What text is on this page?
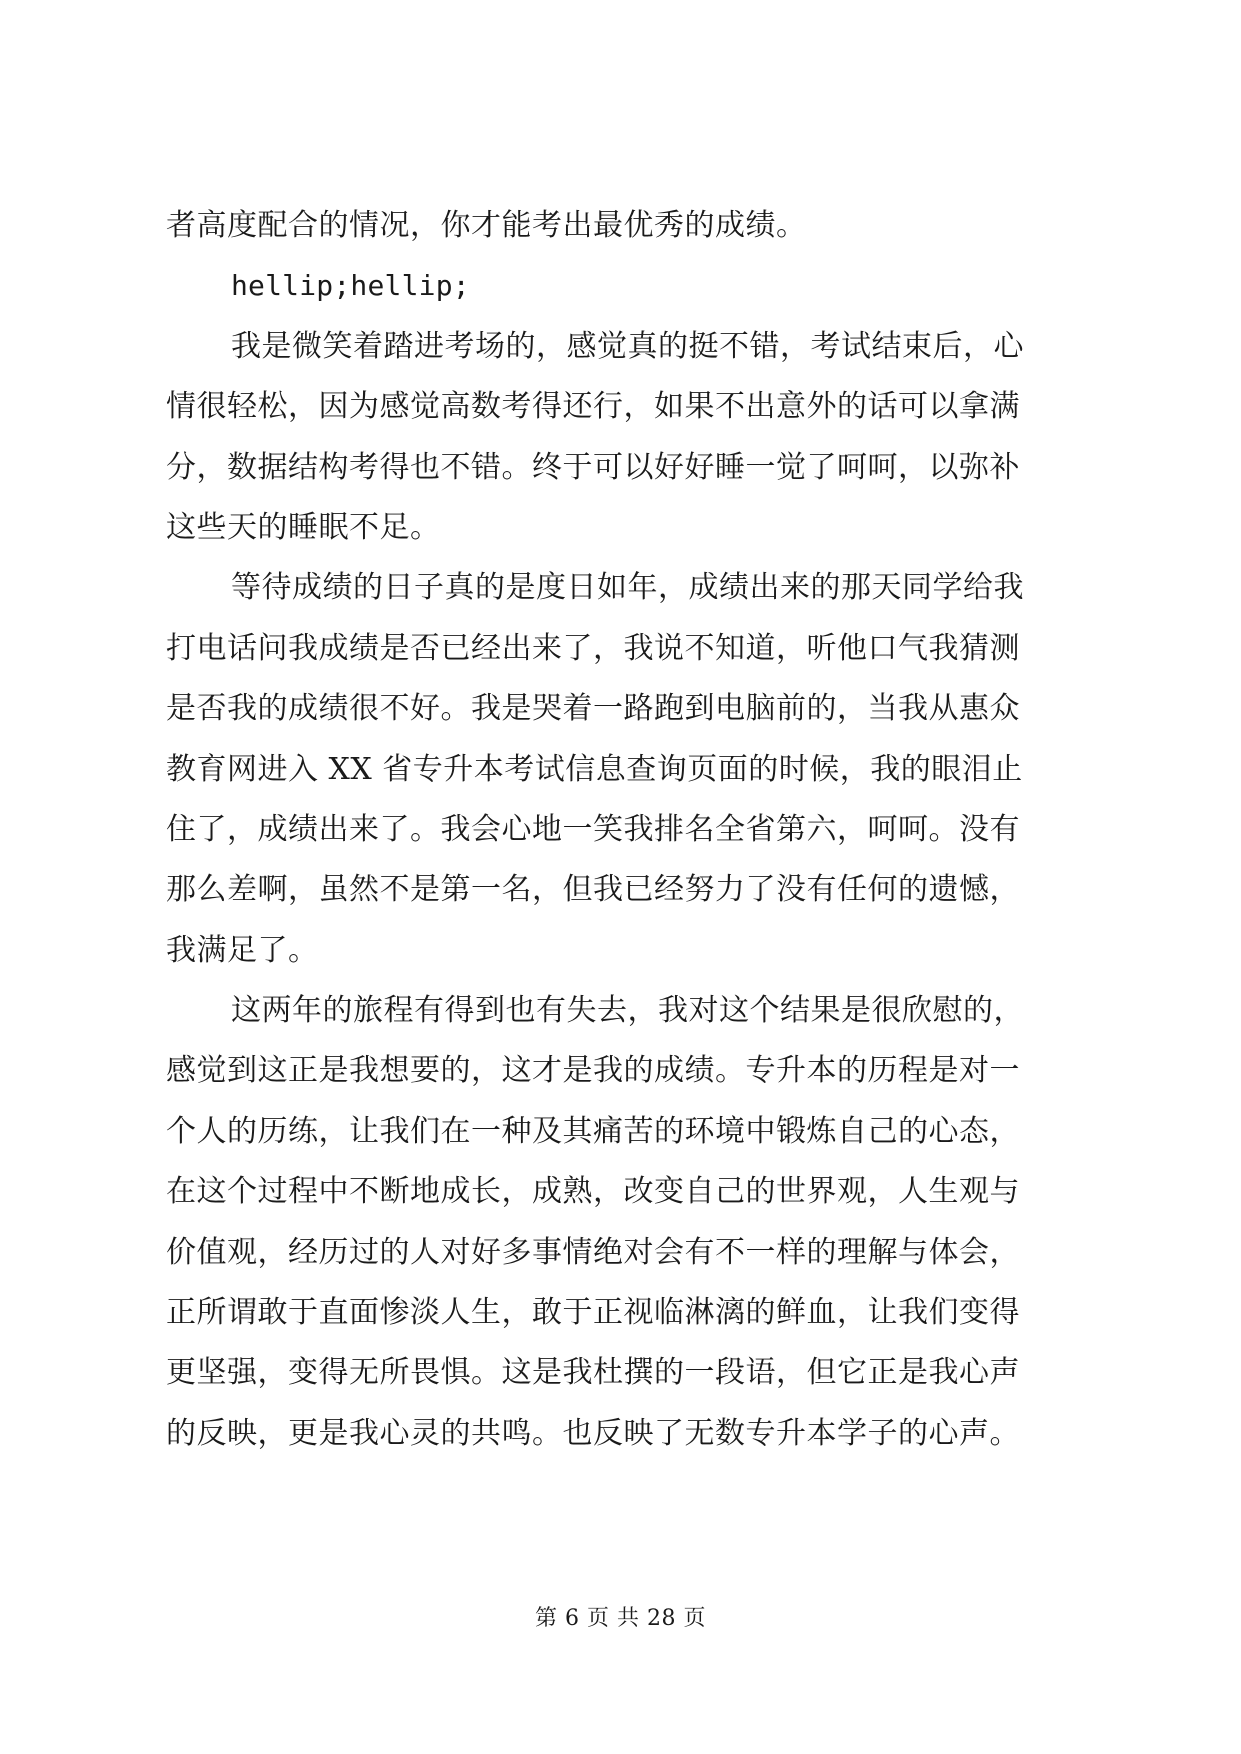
者高度配合的情况，你才能考出最优秀的成绩。
hellip;hellip;
我是微笑着踏进考场的，感觉真的挺不错，考试结束后，心
情很轻松，因为感觉高数考得还行，如果不出意外的话可以拿满
分，数据结构考得也不错。终于可以好好睡一觉了呵呵，以弥补
这些天的睡眠不足。
等待成绩的日子真的是度日如年，成绩出来的那天同学给我
打电话问我成绩是否已经出来了，我说不知道，听他口气我猜测
是否我的成绩很不好。我是哭着一路跑到电脑前的，当我从惠众
教育网进入 XX 省专升本考试信息查询页面的时候，我的眼泪止
住了，成绩出来了。我会心地一笑我排名全省第六，呵呵。没有
那么差啊，虽然不是第一名，但我已经努力了没有任何的遗憾，
我满足了。
这两年的旅程有得到也有失去，我对这个结果是很欣慰的，
感觉到这正是我想要的，这才是我的成绩。专升本的历程是对一
个人的历练，让我们在一种及其痛苦的环境中锻炼自己的心态，
在这个过程中不断地成长，成熟，改变自己的世界观，人生观与
价值观，经历过的人对好多事情绝对会有不一样的理解与体会，
正所谓敢于直面惨淡人生，敢于正视临淋漓的鲜血，让我们变得
更坚强，变得无所畏惧。这是我杜撰的一段语，但它正是我心声
的反映，更是我心灵的共鸣。也反映了无数专升本学子的心声。
第 6 页 共 28 页
